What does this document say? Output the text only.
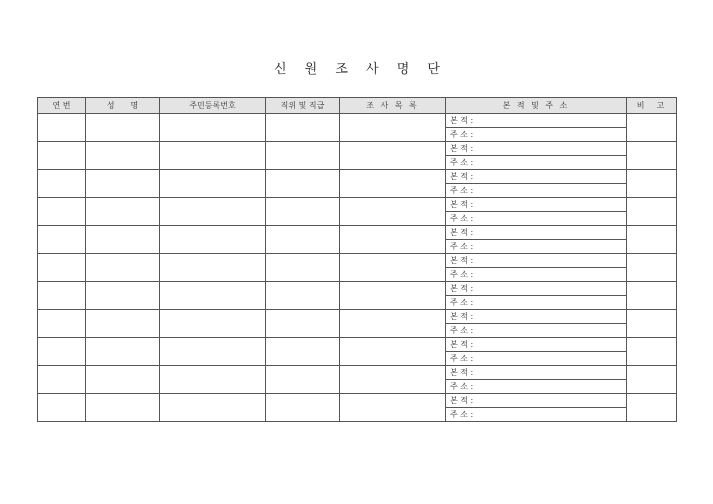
신 원 조 사 명 단
연 번	성　　명	주민등록번호	직위 및 직급	조 사 목 록	본 적 및 주 소	비　고
					본 적 :	
					주 소 :	
					본 적 :	
					주 소 :	
					본 적 :	
					주 소 :	
					본 적 :	
					주 소 :	
					본 적 :	
					주 소 :	
					본 적 :	
					주 소 :	
					본 적 :	
					주 소 :	
					본 적 :	
					주 소 :	
					본 적 :	
					주 소 :	
					본 적 :	
					주 소 :	
					본 적 :	
					주 소 :	
